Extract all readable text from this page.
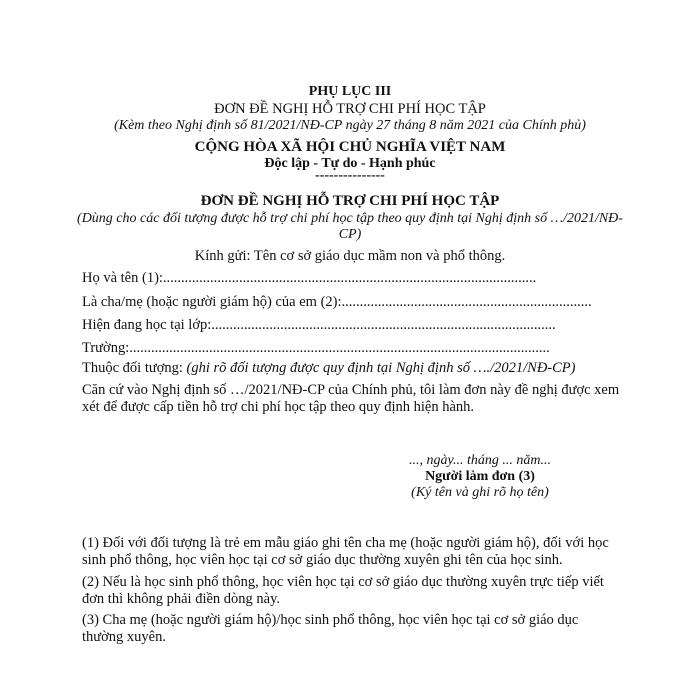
PHỤ LỤC III
ĐƠN ĐỀ NGHỊ HỖ TRỢ CHI PHÍ HỌC TẬP
(Kèm theo Nghị định số 81/2021/NĐ-CP ngày 27 tháng 8 năm 2021 của Chính phủ)
CỘNG HÒA XÃ HỘI CHỦ NGHĨA VIỆT NAM
Độc lập - Tự do - Hạnh phúc
---------------
ĐƠN ĐỀ NGHỊ HỖ TRỢ CHI PHÍ HỌC TẬP
(Dùng cho các đối tượng được hỗ trợ chi phí học tập theo quy định tại Nghị định số …/2021/NĐ-
CP)
Kính gửi: Tên cơ sở giáo dục mầm non và phổ thông.
Họ và tên (1):.......................................................................................................
Là cha/mẹ (hoặc người giám hộ) của em (2):.....................................................................
Hiện đang học tại lớp:...............................................................................................
Trường:....................................................................................................................
Thuộc đối tượng: (ghi rõ đối tượng được quy định tại Nghị định số …./2021/NĐ-CP)
Căn cứ vào Nghị định số …/2021/NĐ-CP của Chính phủ, tôi làm đơn này đề nghị được xem xét để được cấp tiền hỗ trợ chi phí học tập theo quy định hiện hành.
..., ngày... tháng ... năm...
Người làm đơn (3)
(Ký tên và ghi rõ họ tên)
(1) Đối với đối tượng là trẻ em mẫu giáo ghi tên cha mẹ (hoặc người giám hộ), đối với học sinh phổ thông, học viên học tại cơ sở giáo dục thường xuyên ghi tên của học sinh.
(2) Nếu là học sinh phổ thông, học viên học tại cơ sở giáo dục thường xuyên trực tiếp viết đơn thì không phải điền dòng này.
(3) Cha mẹ (hoặc người giám hộ)/học sinh phổ thông, học viên học tại cơ sở giáo dục thường xuyên.
